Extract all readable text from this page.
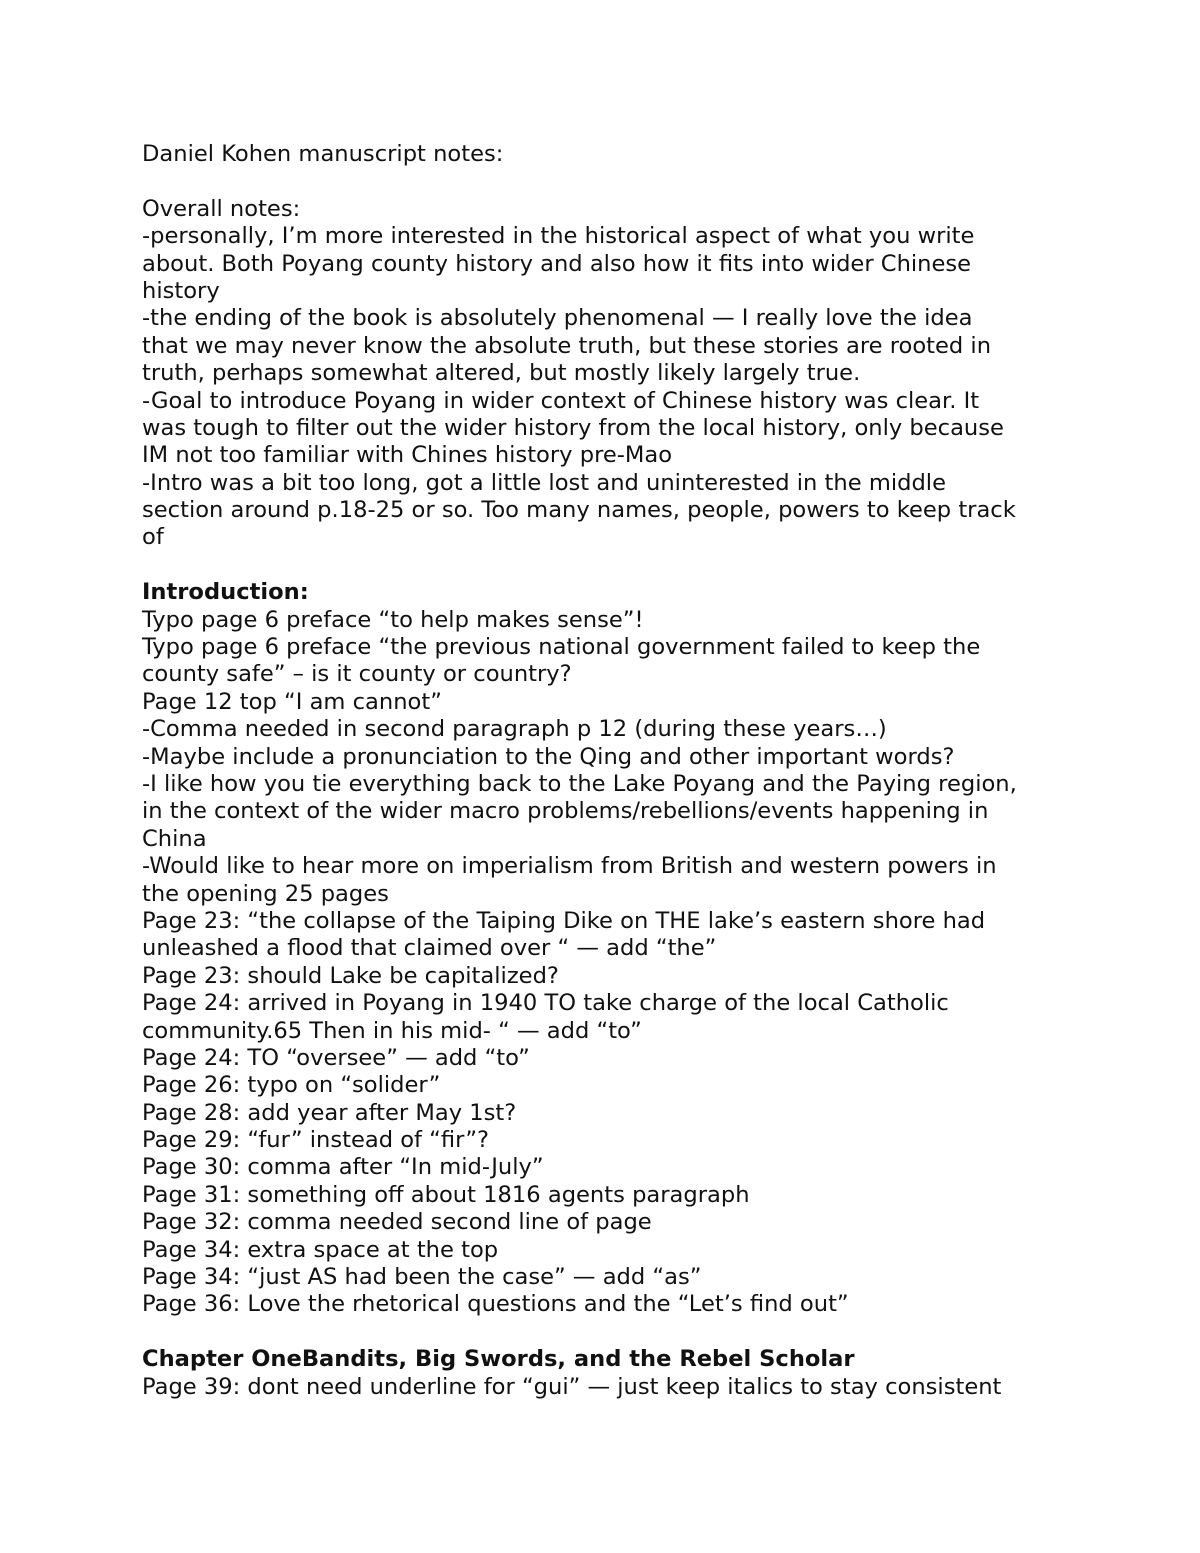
Daniel Kohen manuscript notes:
Overall notes:
-personally, I’m more interested in the historical aspect of what you write
about. Both Poyang county history and also how it fits into wider Chinese
history
-the ending of the book is absolutely phenomenal — I really love the idea
that we may never know the absolute truth, but these stories are rooted in
truth, perhaps somewhat altered, but mostly likely largely true.
-Goal to introduce Poyang in wider context of Chinese history was clear. It
was tough to filter out the wider history from the local history, only because
IM not too familiar with Chines history pre-Mao
-Intro was a bit too long, got a little lost and uninterested in the middle
section around p.18-25 or so. Too many names, people, powers to keep track
of
Introduction:
Typo page 6 preface “to help makes sense”!
Typo page 6 preface “the previous national government failed to keep the
county safe” – is it county or country?
Page 12 top “I am cannot”
-Comma needed in second paragraph p 12 (during these years…)
-Maybe include a pronunciation to the Qing and other important words?
-I like how you tie everything back to the Lake Poyang and the Paying region,
in the context of the wider macro problems/rebellions/events happening in
China
-Would like to hear more on imperialism from British and western powers in
the opening 25 pages
Page 23: “the collapse of the Taiping Dike on THE lake’s eastern shore had
unleashed a flood that claimed over “ — add “the”
Page 23: should Lake be capitalized?
Page 24: arrived in Poyang in 1940 TO take charge of the local Catholic
community.65 Then in his mid- “ — add “to”
Page 24: TO “oversee” — add “to”
Page 26: typo on “solider”
Page 28: add year after May 1st?
Page 29: “fur” instead of “fir”?
Page 30: comma after “In mid-July”
Page 31: something off about 1816 agents paragraph
Page 32: comma needed second line of page
Page 34: extra space at the top
Page 34: “just AS had been the case” — add “as”
Page 36: Love the rhetorical questions and the “Let’s find out”
Chapter OneBandits, Big Swords, and the Rebel Scholar
Page 39: dont need underline for “gui” — just keep italics to stay consistent
